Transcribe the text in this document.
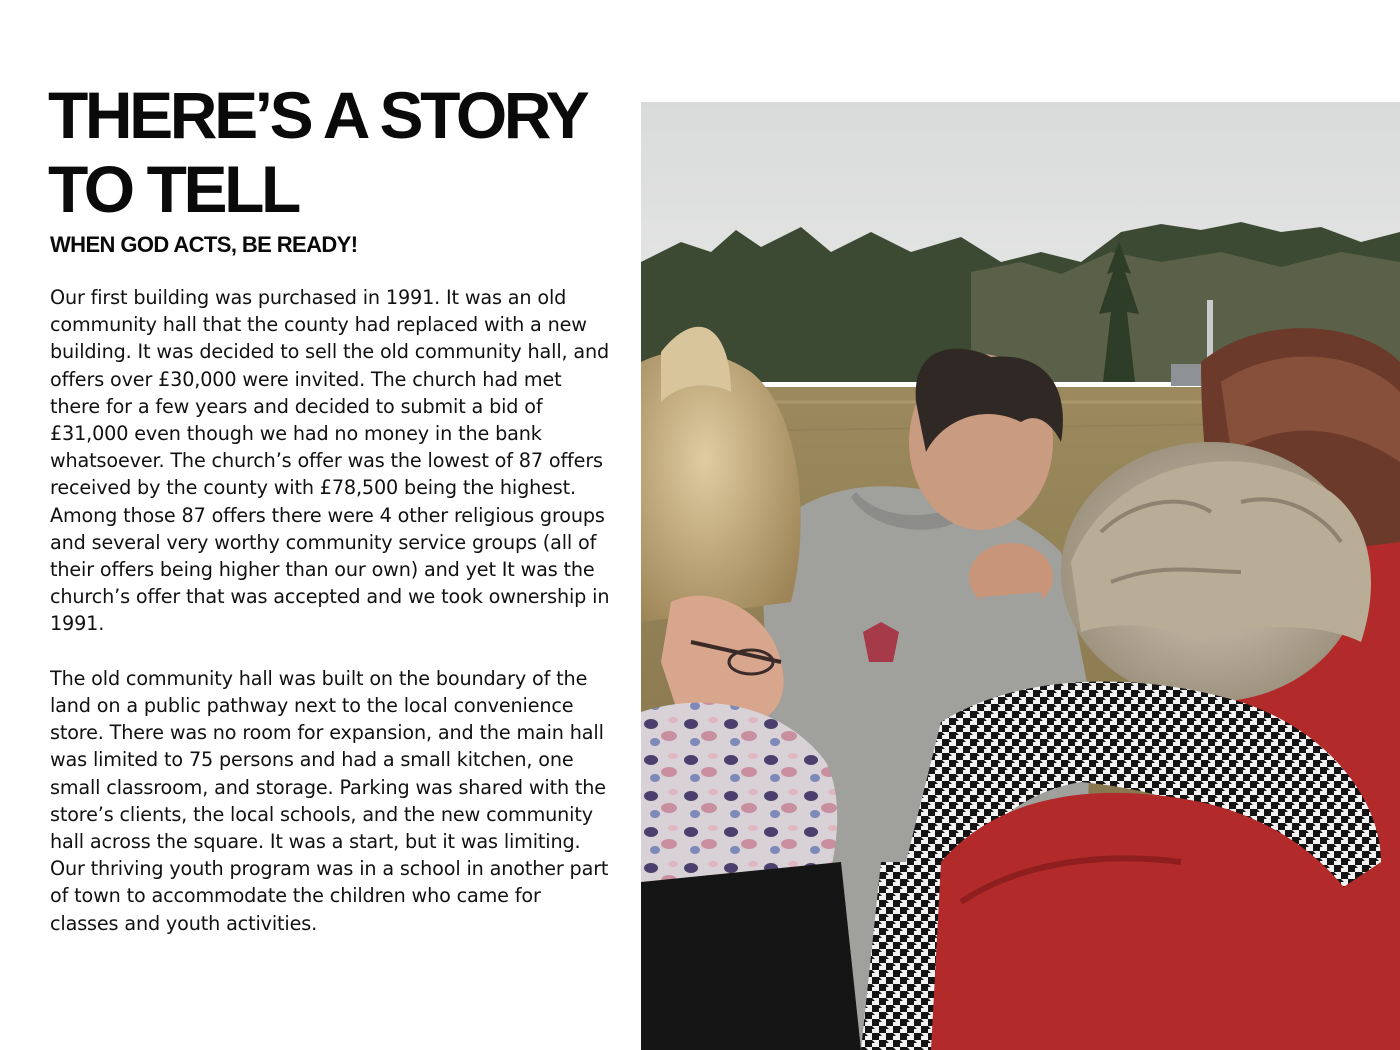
THERE’S A STORY
TO TELL
WHEN GOD ACTS, BE READY!

Our first building was purchased in 1991. It was an old community hall that the county had replaced with a new building. It was decided to sell the old community hall, and offers over £30,000 were invited. The church had met there for a few years and decided to submit a bid of £31,000 even though we had no money in the bank whatsoever. The church’s offer was the lowest of 87 offers received by the county with £78,500 being the highest. Among those 87 offers there were 4 other religious groups and several very worthy community service groups (all of their offers being higher than our own) and yet It was the church’s offer that was accepted and we took ownership in 1991.

The old community hall was built on the boundary of the land on a public pathway next to the local convenience store. There was no room for expansion, and the main hall was limited to 75 persons and had a small kitchen, one small classroom, and storage. Parking was shared with the store’s clients, the local schools, and the new community hall across the square. It was a start, but it was limiting. Our thriving youth program was in a school in another part of town to accommodate the children who came for classes and youth activities.
